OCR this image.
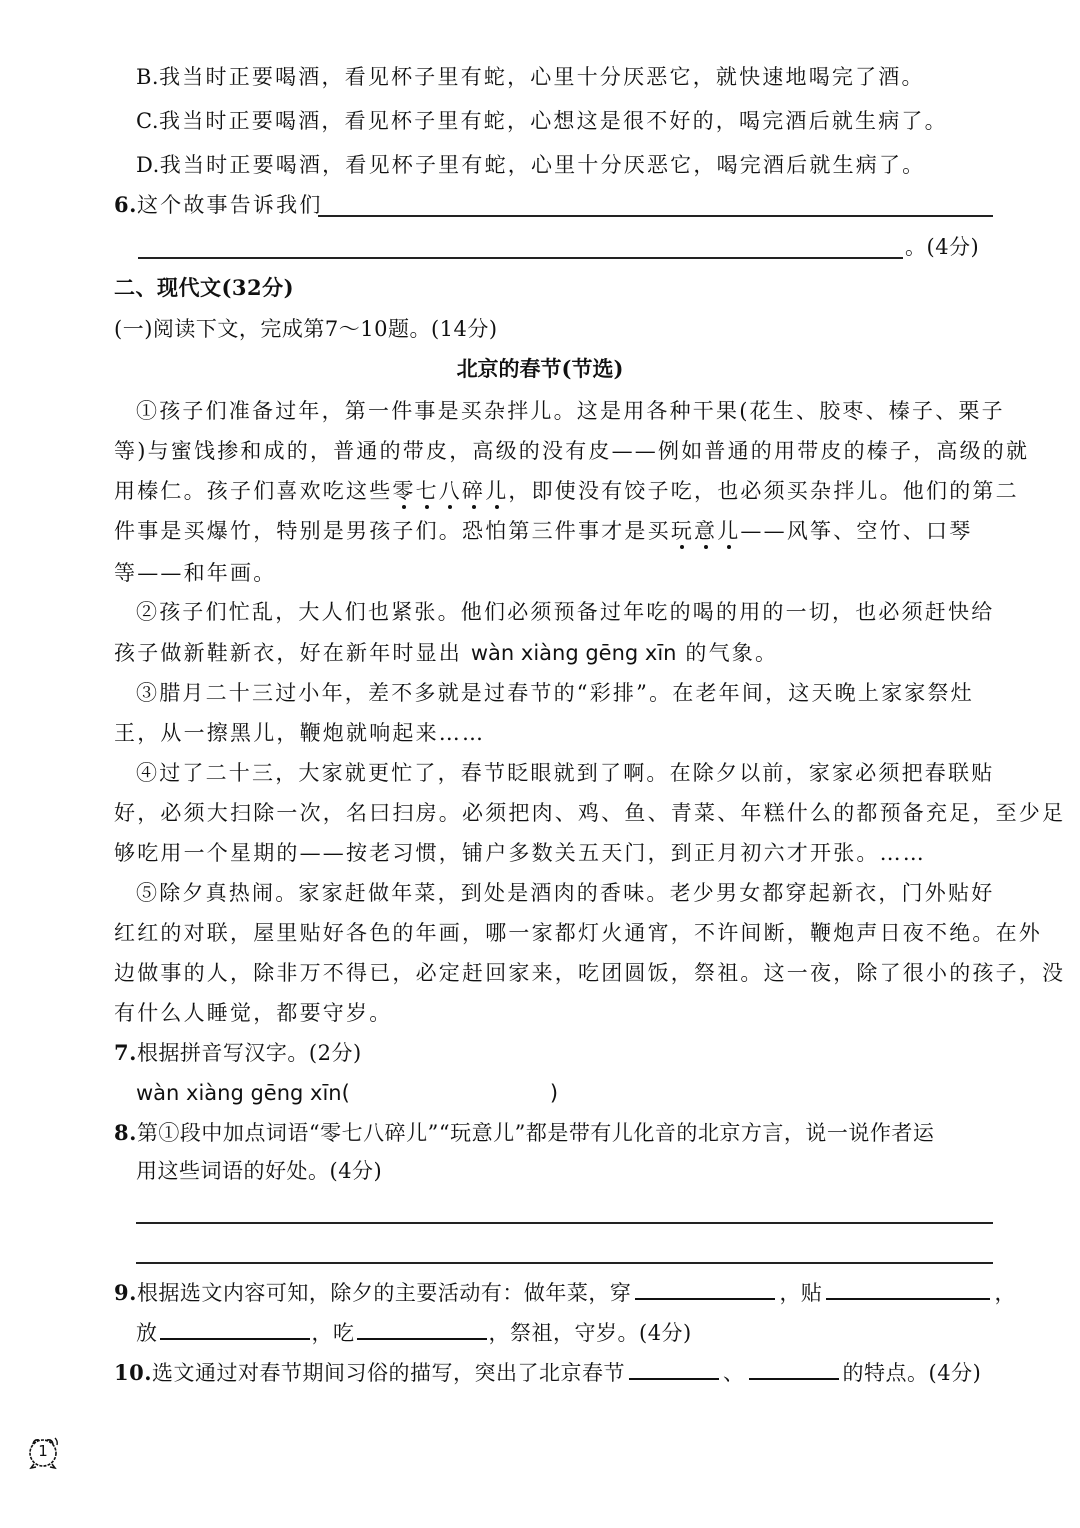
B.我当时正要喝酒，看见杯子里有蛇，心里十分厌恶它，就快速地喝完了酒。
C.我当时正要喝酒，看见杯子里有蛇，心想这是很不好的，喝完酒后就生病了。
D.我当时正要喝酒，看见杯子里有蛇，心里十分厌恶它，喝完酒后就生病了。
6.这个故事告诉我们
。(4分)
二、现代文(32分)
(一)阅读下文，完成第7～10题。(14分)
北京的春节(节选)
①孩子们准备过年，第一件事是买杂拌儿。这是用各种干果(花生、胶枣、榛子、栗子
等)与蜜饯掺和成的，普通的带皮，高级的没有皮——例如普通的用带皮的榛子，高级的就
用榛仁。孩子们喜欢吃这些零七八碎儿
，即使没有饺子吃，也必须买杂拌儿。他们的第二
件事是买爆竹，特别是男孩子们。恐怕第三件事才是买玩意儿
——风筝、空竹、口琴
等——和年画。
②孩子们忙乱，大人们也紧张。他们必须预备过年吃的喝的用的一切，也必须赶快给
孩子做新鞋新衣，好在新年时显出 wàn xiàng gēng xīn 的气象。
③腊月二十三过小年，差不多就是过春节的“彩排”。在老年间，这天晚上家家祭灶
王，从一擦黑儿，鞭炮就响起来……
④过了二十三，大家就更忙了，春节眨眼就到了啊。在除夕以前，家家必须把春联贴
好，必须大扫除一次，名曰扫房。必须把肉、鸡、鱼、青菜、年糕什么的都预备充足，至少足
够吃用一个星期的——按老习惯，铺户多数关五天门，到正月初六才开张。……
⑤除夕真热闹。家家赶做年菜，到处是酒肉的香味。老少男女都穿起新衣，门外贴好
红红的对联，屋里贴好各色的年画，哪一家都灯火通宵，不许间断，鞭炮声日夜不绝。在外
边做事的人，除非万不得已，必定赶回家来，吃团圆饭，祭祖。这一夜，除了很小的孩子，没
有什么人睡觉，都要守岁。
7.根据拼音写汉字。(2分)
wàn xiàng gēng xīn(	)
8.第①段中加点词语“零七八碎儿”“玩意儿”都是带有儿化音的北京方言，说一说作者运
用这些词语的好处。(4分)
9.根据选文内容可知，除夕的主要活动有：做年菜，穿	，贴	，
放	，吃	，祭祖，守岁。(4分)
10.选文通过对春节期间习俗的描写，突出了北京春节	、	的特点。(4分)
1
